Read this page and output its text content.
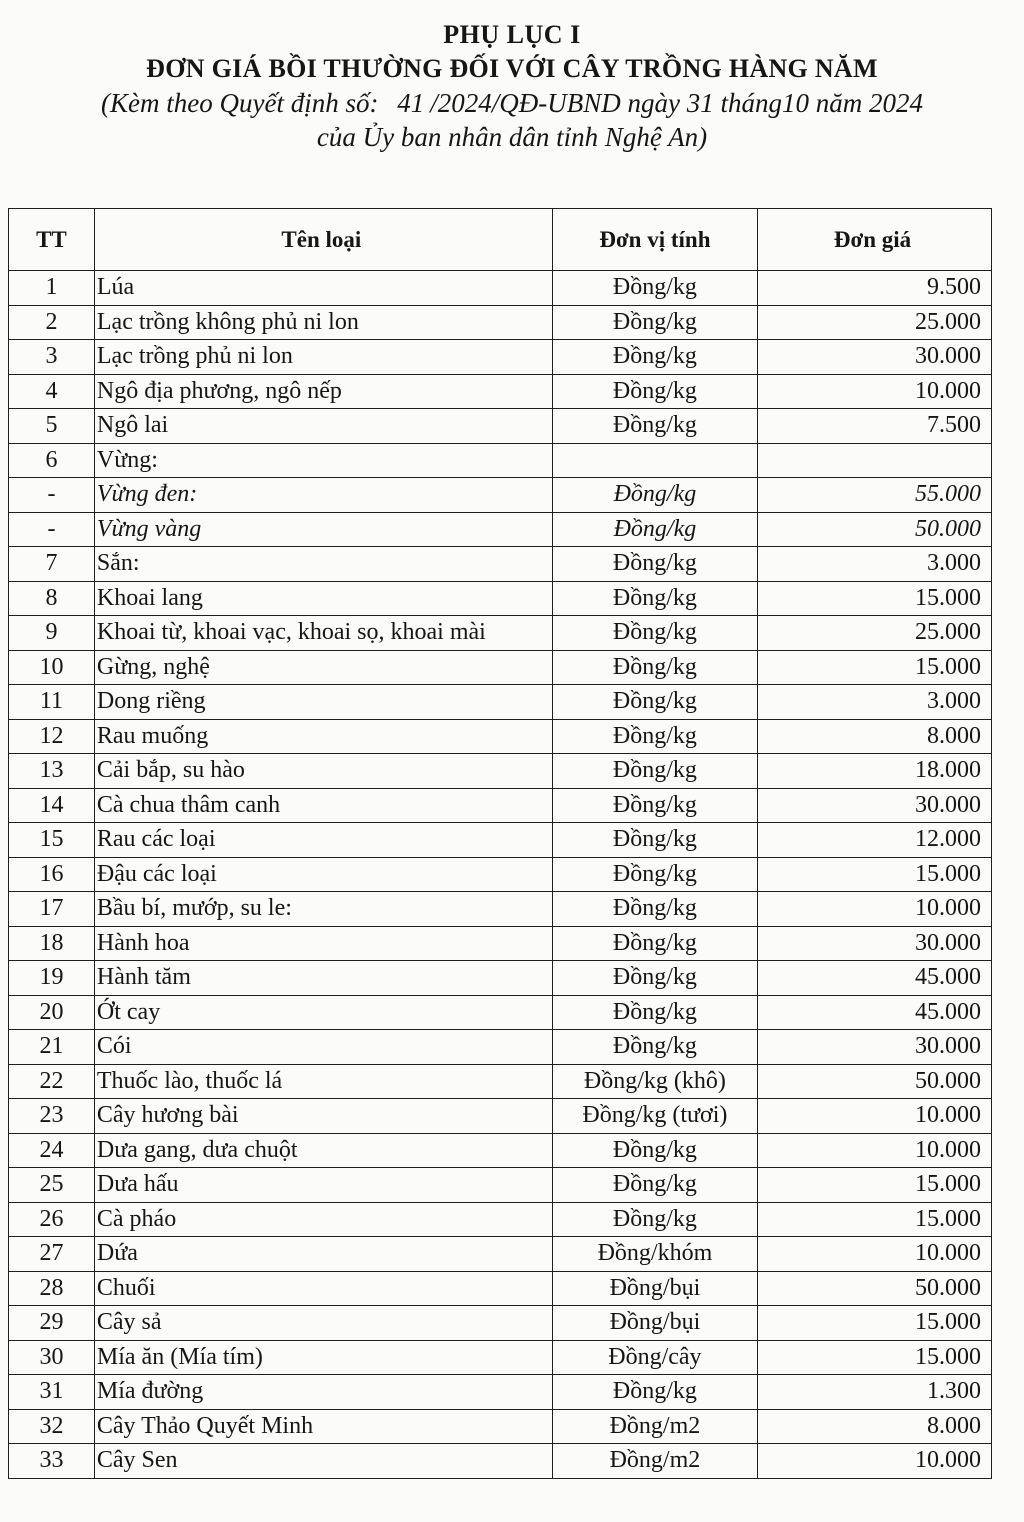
PHỤ LỤC I
ĐƠN GIÁ BỒI THƯỜNG ĐỐI VỚI CÂY TRỒNG HÀNG NĂM
(Kèm theo Quyết định số: 41 /2024/QĐ-UBND ngày 31 tháng10 năm 2024
của Ủy ban nhân dân tỉnh Nghệ An)
TT	Tên loại	Đơn vị tính	Đơn giá
1	Lúa	Đồng/kg	9.500
2	Lạc trồng không phủ ni lon	Đồng/kg	25.000
3	Lạc trồng phủ ni lon	Đồng/kg	30.000
4	Ngô địa phương, ngô nếp	Đồng/kg	10.000
5	Ngô lai	Đồng/kg	7.500
6	Vừng:		
-	Vừng đen:	Đồng/kg	55.000
-	Vừng vàng	Đồng/kg	50.000
7	Sắn:	Đồng/kg	3.000
8	Khoai lang	Đồng/kg	15.000
9	Khoai từ, khoai vạc, khoai sọ, khoai mài	Đồng/kg	25.000
10	Gừng, nghệ	Đồng/kg	15.000
11	Dong riềng	Đồng/kg	3.000
12	Rau muống	Đồng/kg	8.000
13	Cải bắp, su hào	Đồng/kg	18.000
14	Cà chua thâm canh	Đồng/kg	30.000
15	Rau các loại	Đồng/kg	12.000
16	Đậu các loại	Đồng/kg	15.000
17	Bầu bí, mướp, su le:	Đồng/kg	10.000
18	Hành hoa	Đồng/kg	30.000
19	Hành tăm	Đồng/kg	45.000
20	Ớt cay	Đồng/kg	45.000
21	Cói	Đồng/kg	30.000
22	Thuốc lào, thuốc lá	Đồng/kg (khô)	50.000
23	Cây hương bài	Đồng/kg (tươi)	10.000
24	Dưa gang, dưa chuột	Đồng/kg	10.000
25	Dưa hấu	Đồng/kg	15.000
26	Cà pháo	Đồng/kg	15.000
27	Dứa	Đồng/khóm	10.000
28	Chuối	Đồng/bụi	50.000
29	Cây sả	Đồng/bụi	15.000
30	Mía ăn (Mía tím)	Đồng/cây	15.000
31	Mía đường	Đồng/kg	1.300
32	Cây Thảo Quyết Minh	Đồng/m2	8.000
33	Cây Sen	Đồng/m2	10.000
